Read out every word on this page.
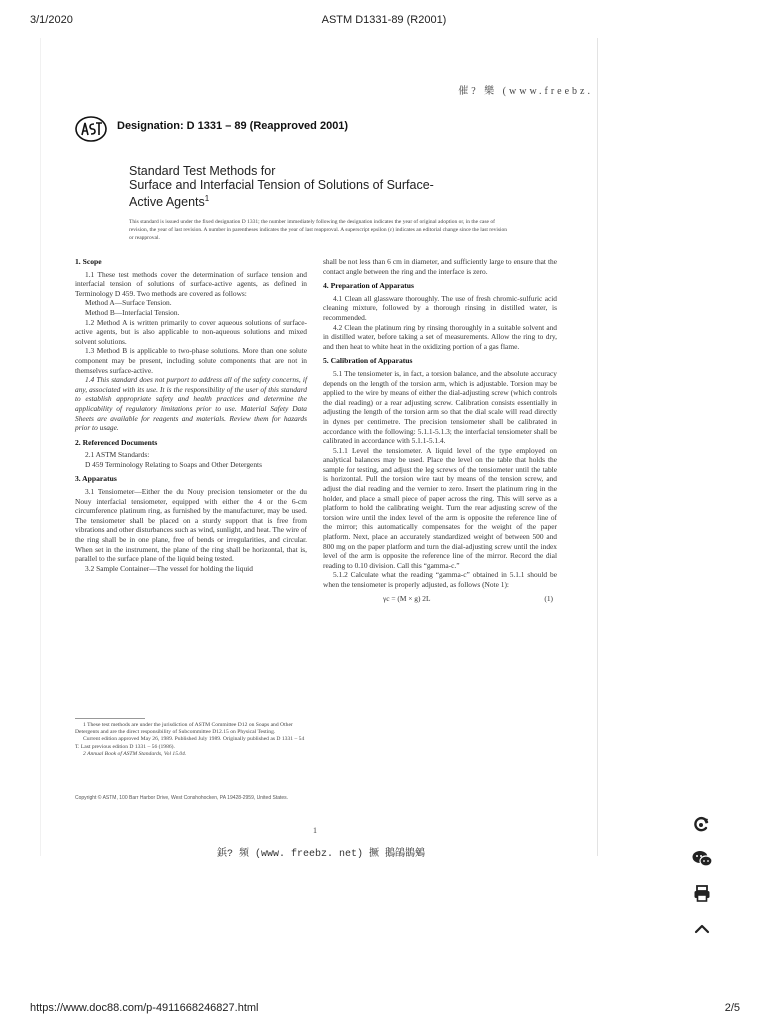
3/1/2020	ASTM D1331-89 (R2001)
催? 樂 (www.freebz.
Designation: D 1331 – 89 (Reapproved 2001)
Standard Test Methods for
Surface and Interfacial Tension of Solutions of Surface-
Active Agents$^1$
This standard is issued under the fixed designation D 1331; the number immediately following the designation indicates the year of original adoption or, in the case of revision, the year of last revision. A number in parentheses indicates the year of last reapproval. A superscript epsilon (ε) indicates an editorial change since the last revision or reapproval.
1. Scope

1.1 These test methods cover the determination of surface tension and interfacial tension of solutions of surface-active agents, as defined in Terminology D 459. Two methods are covered as follows:

Method A—Surface Tension.

Method B—Interfacial Tension.

1.2 Method A is written primarily to cover aqueous solutions of surface-active agents, but is also applicable to non-aqueous solutions and mixed solvent solutions.

1.3 Method B is applicable to two-phase solutions. More than one solute component may be present, including solute components that are not in themselves surface-active.

1.4 This standard does not purport to address all of the safety concerns, if any, associated with its use. It is the responsibility of the user of this standard to establish appropriate safety and health practices and determine the applicability of regulatory limitations prior to use. Material Safety Data Sheets are available for reagents and materials. Review them for hazards prior to usage.

2. Referenced Documents

2.1 ASTM Standards:

D 459 Terminology Relating to Soaps and Other Detergents

3. Apparatus

3.1 Tensiometer—Either the du Nouy precision tensiometer or the du Nouy interfacial tensiometer, equipped with either the 4 or the 6-cm circumference platinum ring, as furnished by the manufacturer, may be used. The tensiometer shall be placed on a sturdy support that is free from vibrations and other disturbances such as wind, sunlight, and heat. The wire of the ring shall be in one plane, free of bends or irregularities, and circular. When set in the instrument, the plane of the ring shall be horizontal, that is, parallel to the surface plane of the liquid being tested.

3.2 Sample Container—The vessel for holding the liquid

shall be not less than 6 cm in diameter, and sufficiently large to ensure that the contact angle between the ring and the interface is zero.

4. Preparation of Apparatus

4.1 Clean all glassware thoroughly. The use of fresh chromic-sulfuric acid cleaning mixture, followed by a thorough rinsing in distilled water, is recommended.

4.2 Clean the platinum ring by rinsing thoroughly in a suitable solvent and in distilled water, before taking a set of measurements. Allow the ring to dry, and then heat to white heat in the oxidizing portion of a gas flame.

5. Calibration of Apparatus

5.1 The tensiometer is, in fact, a torsion balance, and the absolute accuracy depends on the length of the torsion arm, which is adjustable. Torsion may be applied to the wire by means of either the dial-adjusting screw (which controls the dial reading) or a rear adjusting screw. Calibration consists essentially in adjusting the length of the torsion arm so that the dial scale will read directly in dynes per centimetre. The precision tensiometer shall be calibrated in accordance with the following: 5.1.1-5.1.3; the interfacial tensiometer shall be calibrated in accordance with 5.1.1-5.1.4.

5.1.1 Level the tensiometer. A liquid level of the type employed on analytical balances may be used. Place the level on the table that holds the sample for testing, and adjust the leg screws of the tensiometer until the table is horizontal. Pull the torsion wire taut by means of the tension screw, and adjust the dial reading and the vernier to zero. Insert the platinum ring in the holder, and place a small piece of paper across the ring. This will serve as a platform to hold the calibrating weight. Turn the rear adjusting screw of the torsion wire until the index level of the arm is opposite the reference line of the mirror; this automatically compensates for the weight of the paper platform. Next, place an accurately standardized weight of between 500 and 800 mg on the paper platform and turn the dial-adjusting screw until the index level of the arm is opposite the reference line of the mirror. Record the dial reading to 0.10 division. Call this “gamma-c.”

5.1.2 Calculate what the reading “gamma-c” obtained in 5.1.1 should be when the tensiometer is properly adjusted, as follows (Note 1):

γc = (M × g) 2L	(1)

1 These test methods are under the jurisdiction of ASTM Committee D12 on Soaps and Other Detergents and are the direct responsibility of Subcommittee D12.15 on Physical Testing.

Current edition approved May 26, 1989. Published July 1989. Originally published as D 1331 – 54 T. Last previous edition D 1331 – 56 (1986).

2 Annual Book of ASTM Standards, Vol 15.04.

Copyright © ASTM, 100 Barr Harbor Drive, West Conshohocken, PA 19428-2959, United States.
1
鋲? 频 (www. freebz. net) 撅 鵝鵮鵲鵵
https://www.doc88.com/p-4911668246827.html	2/5
